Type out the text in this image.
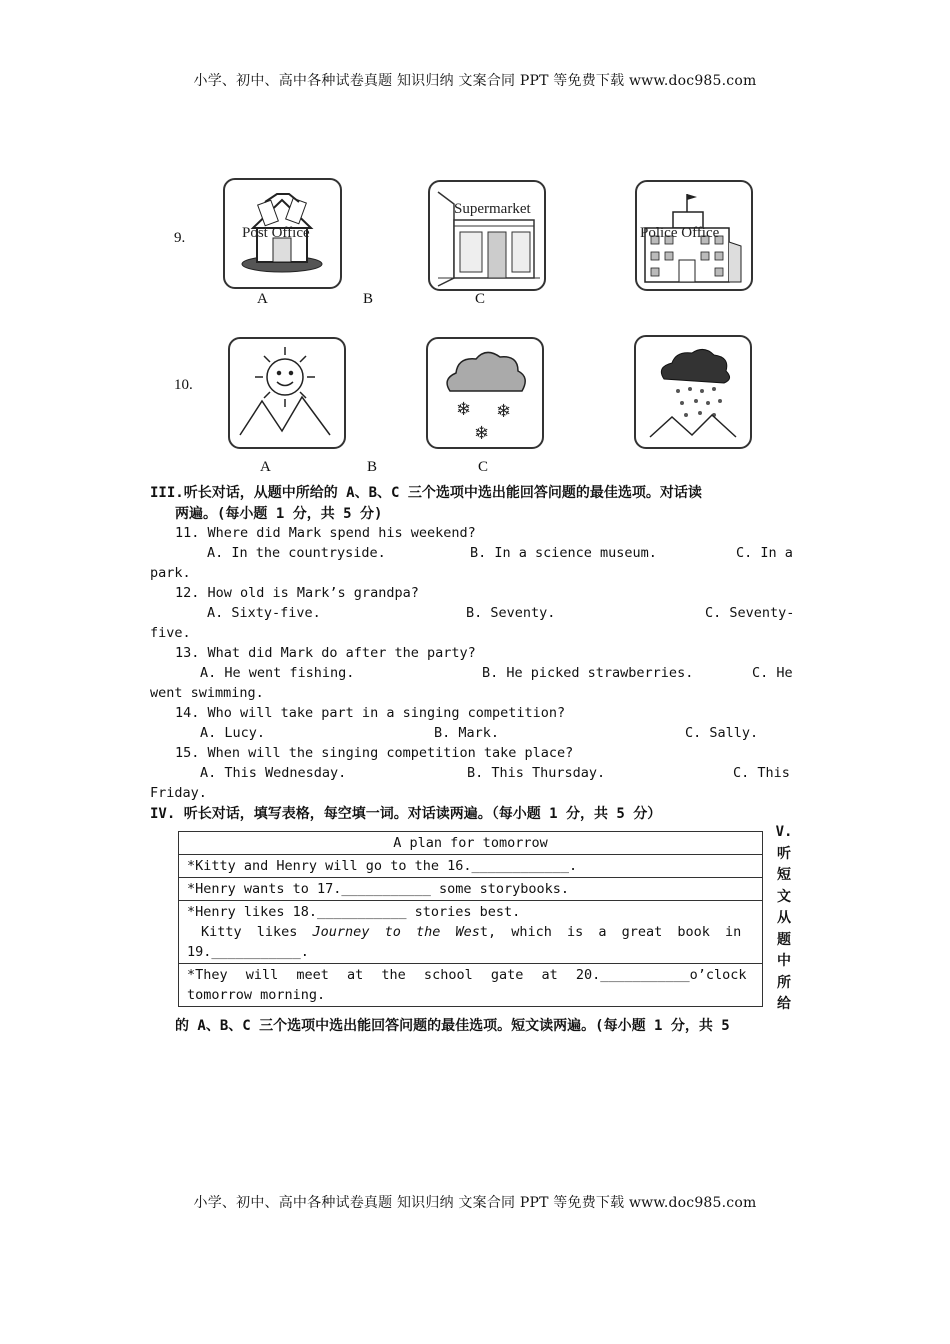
小学、初中、高中各种试卷真题 知识归纳 文案合同 PPT 等免费下载 www.doc985.com
9.	Post Office
Supermarket
Police Office
A	B	C
10.
❄ ❄
❄
A	B	C
III.听长对话，从题中所给的 A、B、C 三个选项中选出能回答问题的最佳选项。对话读
两遍。(每小题 1 分，共 5 分)
11. Where did Mark spend his weekend?
A. In the countryside.	B. In a science museum.	C. In a
park.
12. How old is Mark’s grandpa?
A. Sixty-five.	B. Seventy.	C. Seventy-
five.
13. What did Mark do after the party?
A. He went fishing.	B. He picked strawberries.	C. He
went swimming.
14. Who will take part in a singing competition?
A. Lucy.	B. Mark.	C. Sally.
15. When will the singing competition take place?
A. This Wednesday.	B. This Thursday.	C. This
Friday.
IV. 听长对话，填写表格，每空填一词。对话读两遍。（每小题 1 分，共 5 分）
A plan for tomorrow
*Kitty and Henry will go to the 16.____________.
*Henry wants to 17.___________ some storybooks.

*Henry likes 18.___________ stories best.
Kitty likes Journey to the West, which is a great book in
19.___________.

*They will meet at the school gate at 20.___________o’clock
tomorrow morning.
V.
听
短
文
从
题
中
所
给
的 A、B、C 三个选项中选出能回答问题的最佳选项。短文读两遍。(每小题 1 分，共 5
小学、初中、高中各种试卷真题 知识归纳 文案合同 PPT 等免费下载 www.doc985.com
